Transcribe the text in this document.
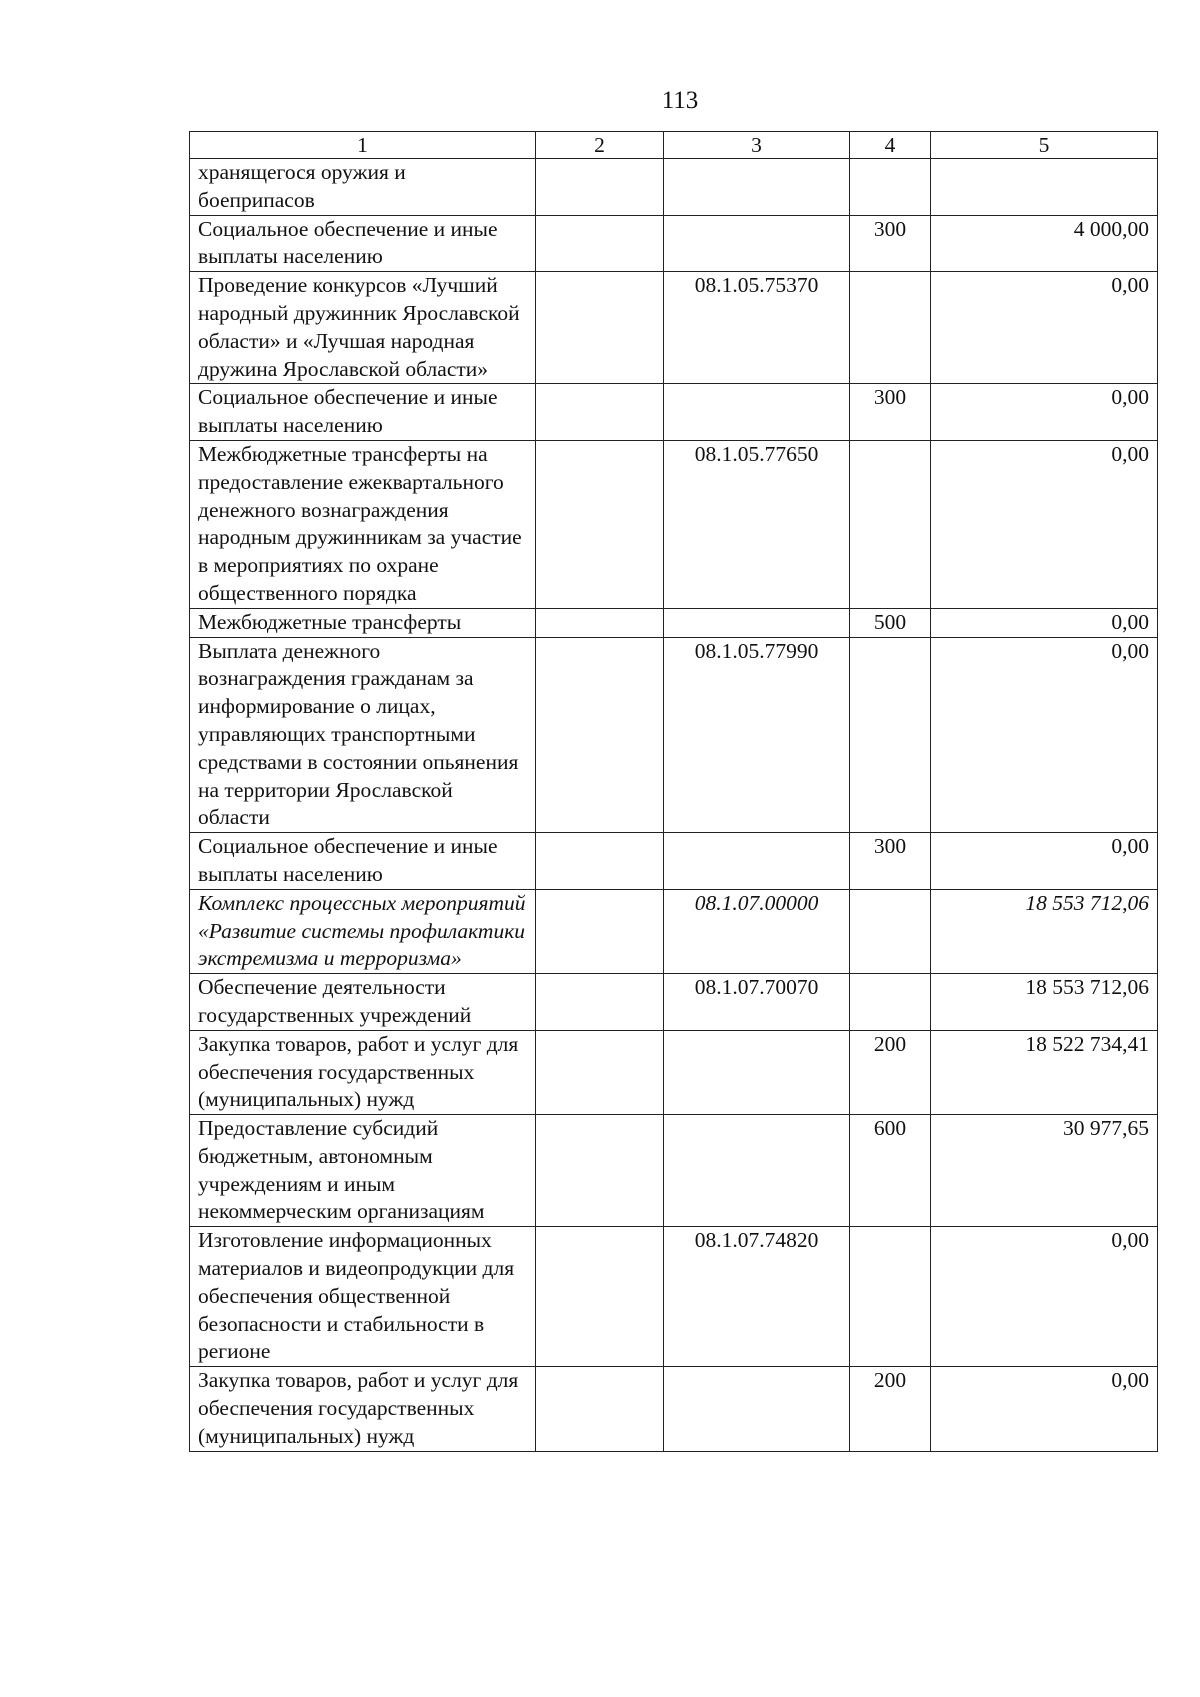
113
1	2	3	4	5
хранящегося оружия и боеприпасов				
Социальное обеспечение и иные выплаты населению			300	4 000,00
Проведение конкурсов «Лучший народный дружинник Ярославской области» и «Лучшая народная дружина Ярославской области»		08.1.05.75370		0,00
Социальное обеспечение и иные выплаты населению			300	0,00
Межбюджетные трансферты на предоставление ежеквартального денежного вознаграждения народным дружинникам за участие в мероприятиях по охране общественного порядка		08.1.05.77650		0,00
Межбюджетные трансферты			500	0,00
Выплата денежного вознаграждения гражданам за информирование о лицах, управляющих транспортными средствами в состоянии опьянения на территории Ярославской области		08.1.05.77990		0,00
Социальное обеспечение и иные выплаты населению			300	0,00
Комплекс процессных мероприятий «Развитие системы профилактики экстремизма и терроризма»		08.1.07.00000		18 553 712,06
Обеспечение деятельности государственных учреждений		08.1.07.70070		18 553 712,06
Закупка товаров, работ и услуг для обеспечения государственных (муниципальных) нужд			200	18 522 734,41
Предоставление субсидий бюджетным, автономным учреждениям и иным некоммерческим организациям			600	30 977,65
Изготовление информационных материалов и видеопродукции для обеспечения общественной безопасности и стабильности в регионе		08.1.07.74820		0,00
Закупка товаров, работ и услуг для обеспечения государственных (муниципальных) нужд			200	0,00
